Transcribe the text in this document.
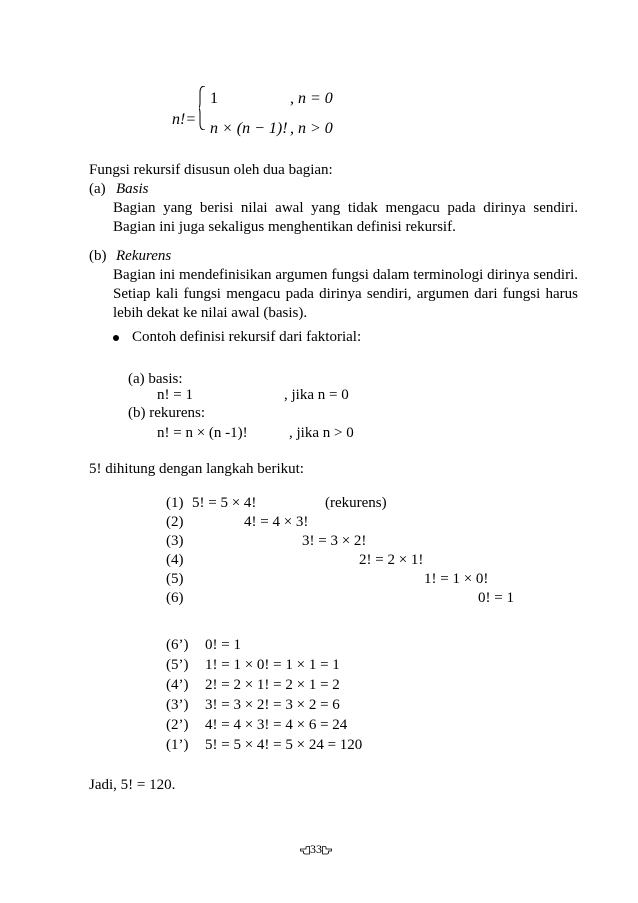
n!=
1	, n = 0
n × (n − 1)! , n > 0
Fungsi rekursif disusun oleh dua bagian:
(a) Basis
Bagian yang berisi nilai awal yang tidak mengacu pada dirinya sendiri. Bagian ini juga sekaligus menghentikan definisi rekursif.
(b) Rekurens
Bagian ini mendefinisikan argumen fungsi dalam terminologi dirinya sendiri. Setiap kali fungsi mengacu pada dirinya sendiri, argumen dari fungsi harus lebih dekat ke nilai awal (basis).
Contoh definisi rekursif dari faktorial:
(a) basis:
n! = 1	, jika n = 0
(b) rekurens:
n! = n × (n -1)!	, jika n > 0
5! dihitung dengan langkah berikut:
(1) 5! = 5 × 4!	(rekurens)
(2)	4! = 4 × 3!
(3)	3! = 3 × 2!
(4)	2! = 2 × 1!
(5)	1! = 1 × 0!
(6)	0! = 1
(6’) 0! = 1
(5’) 1! = 1 × 0! = 1 × 1 = 1
(4’) 2! = 2 × 1! = 2 × 1 = 2
(3’) 3! = 3 × 2! = 3 × 2 = 6
(2’) 4! = 4 × 3! = 4 × 6 = 24
(1’) 5! = 5 × 4! = 5 × 24 = 120
Jadi, 5! = 120.
33
